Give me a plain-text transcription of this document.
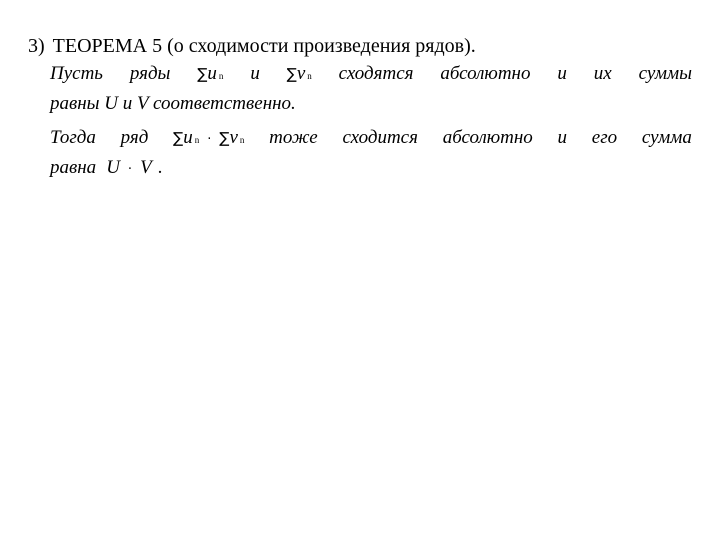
3) ТЕОРЕМА 5 (о сходимости произведения рядов).
Пусть ряды ∑ u n и ∑ v n сходятся абсолютно и их суммы
равны U и V соответственно.
Тогда ряд ∑ u n · ∑ v n тоже сходится абсолютно и его сумма
равна U · V .
